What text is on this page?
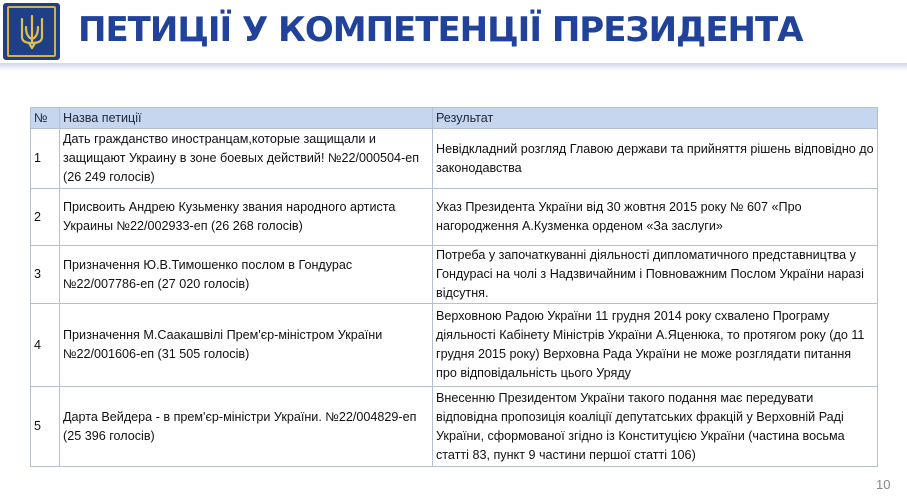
ПЕТИЦІЇ У КОМПЕТЕНЦІЇ ПРЕЗИДЕНТА
№	Назва петиції	Результат
1	Дать гражданство иностранцам,которые защищали и защищают Украину в зоне боевых действий! №22/000504-еп (26 249 голосів)	Невідкладний розгляд Главою держави та прийняття рішень відповідно до законодавства
2	Присвоить Андрею Кузьменку звания народного артиста Украины №22/002933-еп (26 268 голосів)	Указ Президента України від 30 жовтня 2015 року № 607 «Про нагородження А.Кузменка орденом «За заслуги»
3	Призначення Ю.В.Тимошенко послом в Гондурас №22/007786-еп (27 020 голосів)	Потреба у започаткуванні діяльності дипломатичного представництва у Гондурасі на чолі з Надзвичайним і Повноважним Послом України наразі відсутня.
4	Призначення М.Саакашвілі Прем'єр-міністром України №22/001606-еп (31 505 голосів)	Верховною Радою України 11 грудня 2014 року схвалено Програму діяльності Кабінету Міністрів України А.Яценюка, то протягом року (до 11 грудня 2015 року) Верховна Рада України не може розглядати питання про відповідальність цього Уряду
5	Дарта Вейдера - в прем'єр-міністри України. №22/004829-еп (25 396 голосів)	Внесенню Президентом України такого подання має передувати відповідна пропозиція коаліції депутатських фракцій у Верховній Раді України, сформованої згідно із Конституцією України (частина восьма статті 83, пункт 9 частини першої статті 106)
10
